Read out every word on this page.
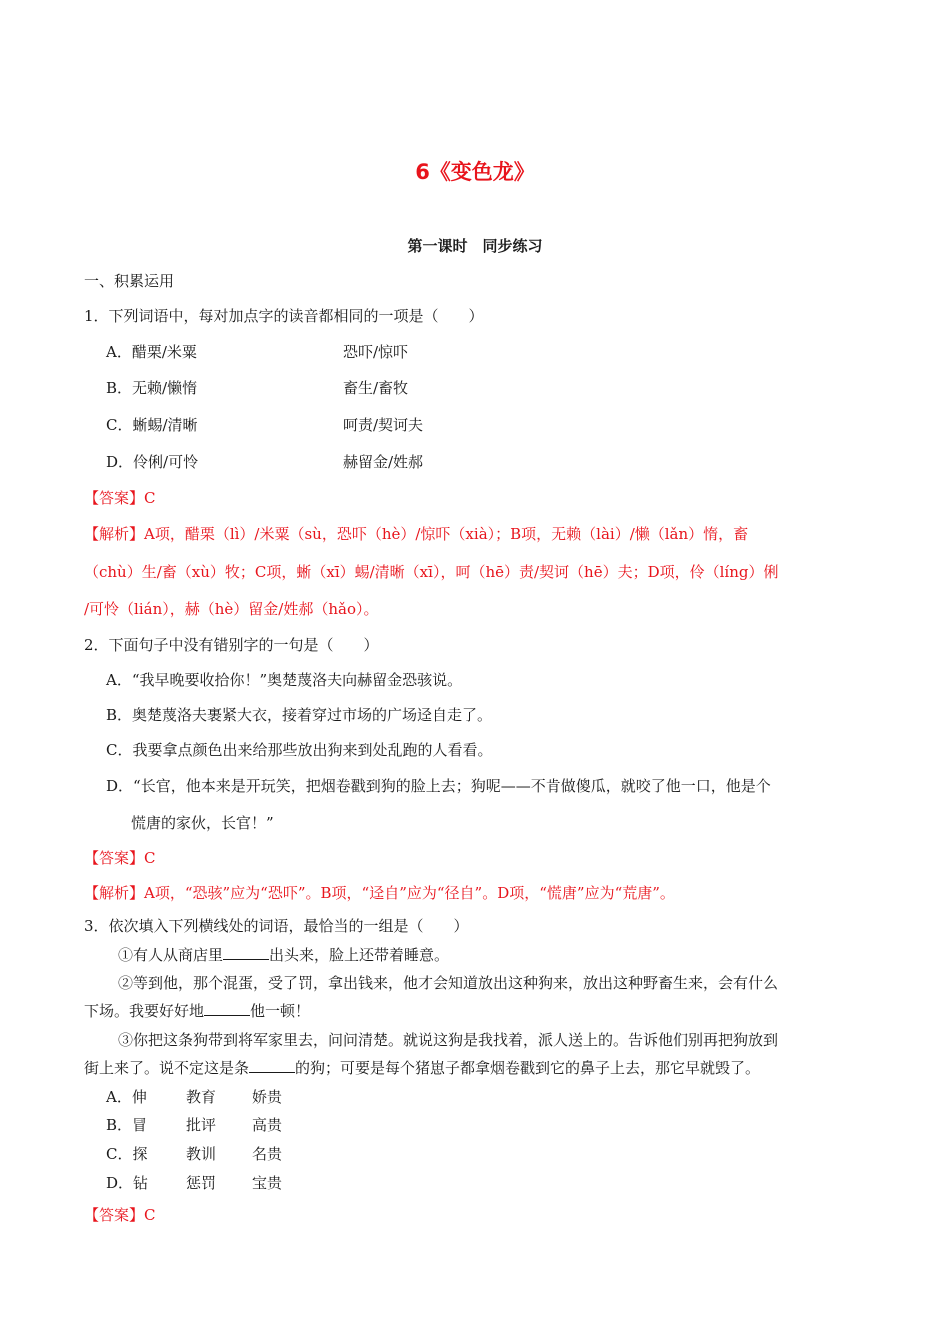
6《变色龙》
第一课时　同步练习
一、积累运用
1．下列词语中，每对加点字的读音都相同的一项是（　　）
A．醋栗/米粟	恐吓/惊吓
B．无赖/懒惰	畜生/畜牧
C．蜥蜴/清晰	呵责/契诃夫
D．伶俐/可怜	赫留金/姓郝
【答案】C
【解析】A项，醋栗（lì）/米粟（sù，恐吓（hè）/惊吓（xià）；B项，无赖（lài）/懒（lǎn）惰，畜
（chù）生/畜（xù）牧；C项，蜥（xī）蜴/清晰（xī），呵（hē）责/契诃（hē）夫；D项，伶（líng）俐
/可怜（lián），赫（hè）留金/姓郝（hǎo）。
2．下面句子中没有错别字的一句是（　　）
A．“我早晚要收拾你！”奥楚蔑洛夫向赫留金恐骇说。
B．奥楚蔑洛夫裹紧大衣，接着穿过市场的广场迳自走了。
C．我要拿点颜色出来给那些放出狗来到处乱跑的人看看。
D．“长官，他本来是开玩笑，把烟卷戳到狗的脸上去；狗呢——不肯做傻瓜，就咬了他一口，他是个
慌唐的家伙，长官！”
【答案】C
【解析】A项，“恐骇”应为“恐吓”。B项，“迳自”应为“径自”。D项，“慌唐”应为“荒唐”。
3．依次填入下列横线处的词语，最恰当的一组是（　　）
①有人从商店里	出头来，脸上还带着睡意。
②等到他，那个混蛋，受了罚，拿出钱来，他才会知道放出这种狗来，放出这种野畜生来，会有什么
下场。我要好好地	他一顿！
③你把这条狗带到将军家里去，问问清楚。就说这狗是我找着，派人送上的。告诉他们别再把狗放到
街上来了。说不定这是条	的狗；可要是每个猪崽子都拿烟卷戳到它的鼻子上去，那它早就毁了。
A．伸	教育 娇贵
B．冒	批评 高贵
C．探	教训 名贵
D．钻	惩罚 宝贵
【答案】C
